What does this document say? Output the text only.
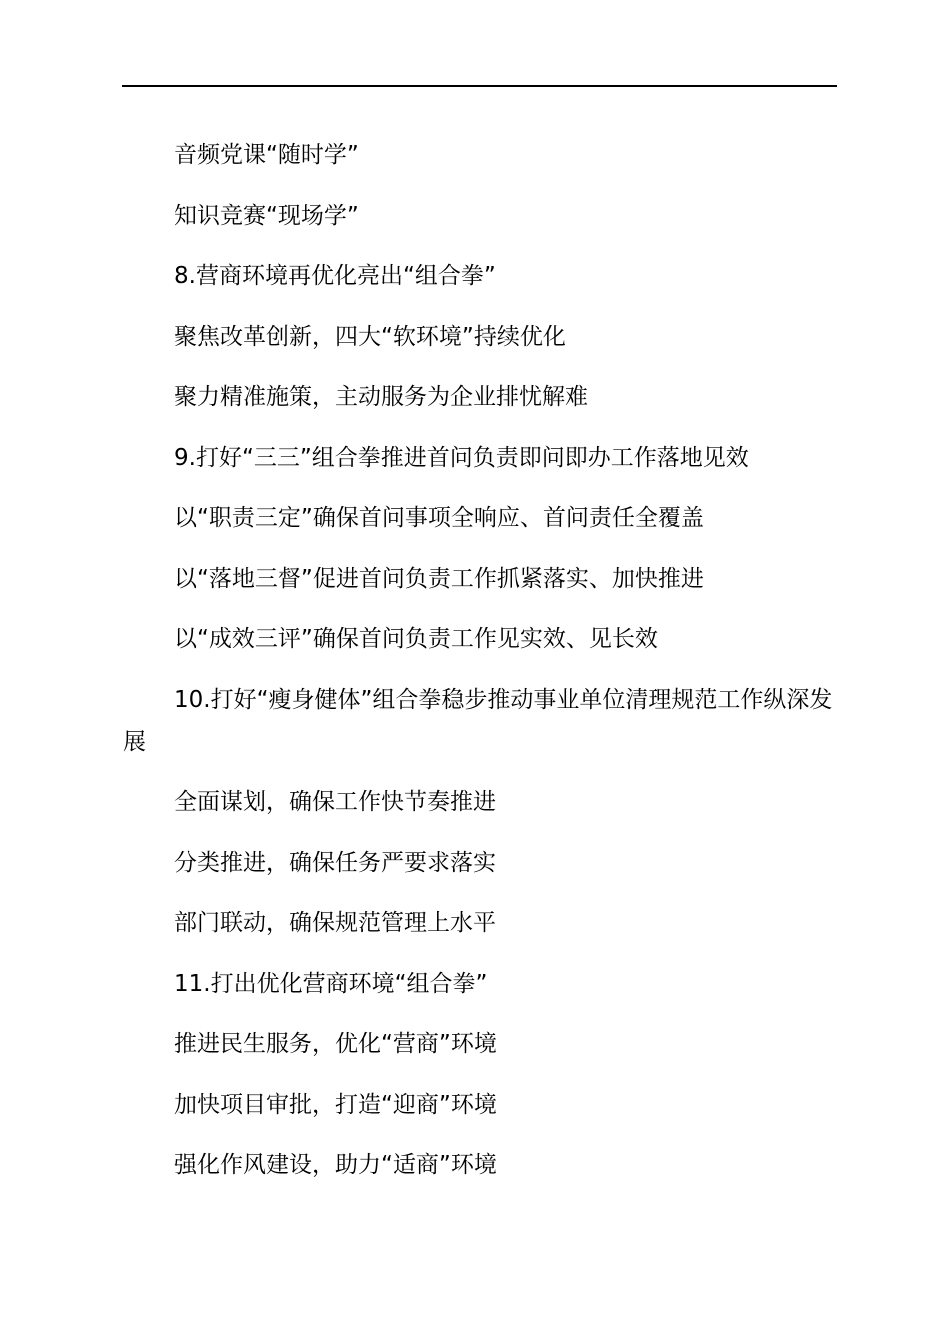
音频党课“随时学”

知识竞赛“现场学”

8.营商环境再优化亮出“组合拳”

聚焦改革创新，四大“软环境”持续优化

聚力精准施策，主动服务为企业排忧解难

9.打好“三三”组合拳推进首问负责即问即办工作落地见效

以“职责三定”确保首问事项全响应、首问责任全覆盖

以“落地三督”促进首问负责工作抓紧落实、加快推进

以“成效三评”确保首问负责工作见实效、见长效

10.打好“瘦身健体”组合拳稳步推动事业单位清理规范工作纵深发展

全面谋划，确保工作快节奏推进

分类推进，确保任务严要求落实

部门联动，确保规范管理上水平

11.打出优化营商环境“组合拳”

推进民生服务，优化“营商”环境

加快项目审批，打造“迎商”环境

强化作风建设，助力“适商”环境
